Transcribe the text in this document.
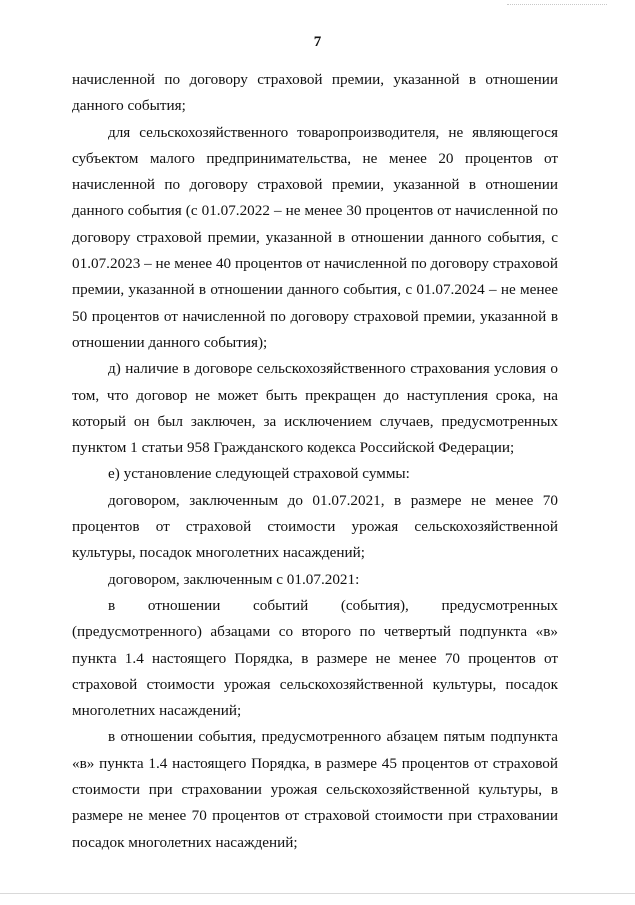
7

начисленной по договору страховой премии, указанной в отношении данного события;

для сельскохозяйственного товаропроизводителя, не являющегося субъектом малого предпринимательства, не менее 20 процентов от начисленной по договору страховой премии, указанной в отношении данного события (с 01.07.2022 – не менее 30 процентов от начисленной по договору страховой премии, указанной в отношении данного события, с 01.07.2023 – не менее 40 процентов от начисленной по договору страховой премии, указанной в отношении данного события, с 01.07.2024 – не менее 50 процентов от начисленной по договору страховой премии, указанной в отношении данного события);

д) наличие в договоре сельскохозяйственного страхования условия о том, что договор не может быть прекращен до наступления срока, на который он был заключен, за исключением случаев, предусмотренных пунктом 1 статьи 958 Гражданского кодекса Российской Федерации;

е) установление следующей страховой суммы:

договором, заключенным до 01.07.2021, в размере не менее 70 процентов от страховой стоимости урожая сельскохозяйственной культуры, посадок многолетних насаждений;

договором, заключенным с 01.07.2021:

в отношении событий (события), предусмотренных (предусмотренного) абзацами со второго по четвертый подпункта «в» пункта 1.4 настоящего Порядка, в размере не менее 70 процентов от страховой стоимости урожая сельскохозяйственной культуры, посадок многолетних насаждений;

в отношении события, предусмотренного абзацем пятым подпункта «в» пункта 1.4 настоящего Порядка, в размере 45 процентов от страховой стоимости при страховании урожая сельскохозяйственной культуры, в размере не менее 70 процентов от страховой стоимости при страховании посадок многолетних насаждений;
